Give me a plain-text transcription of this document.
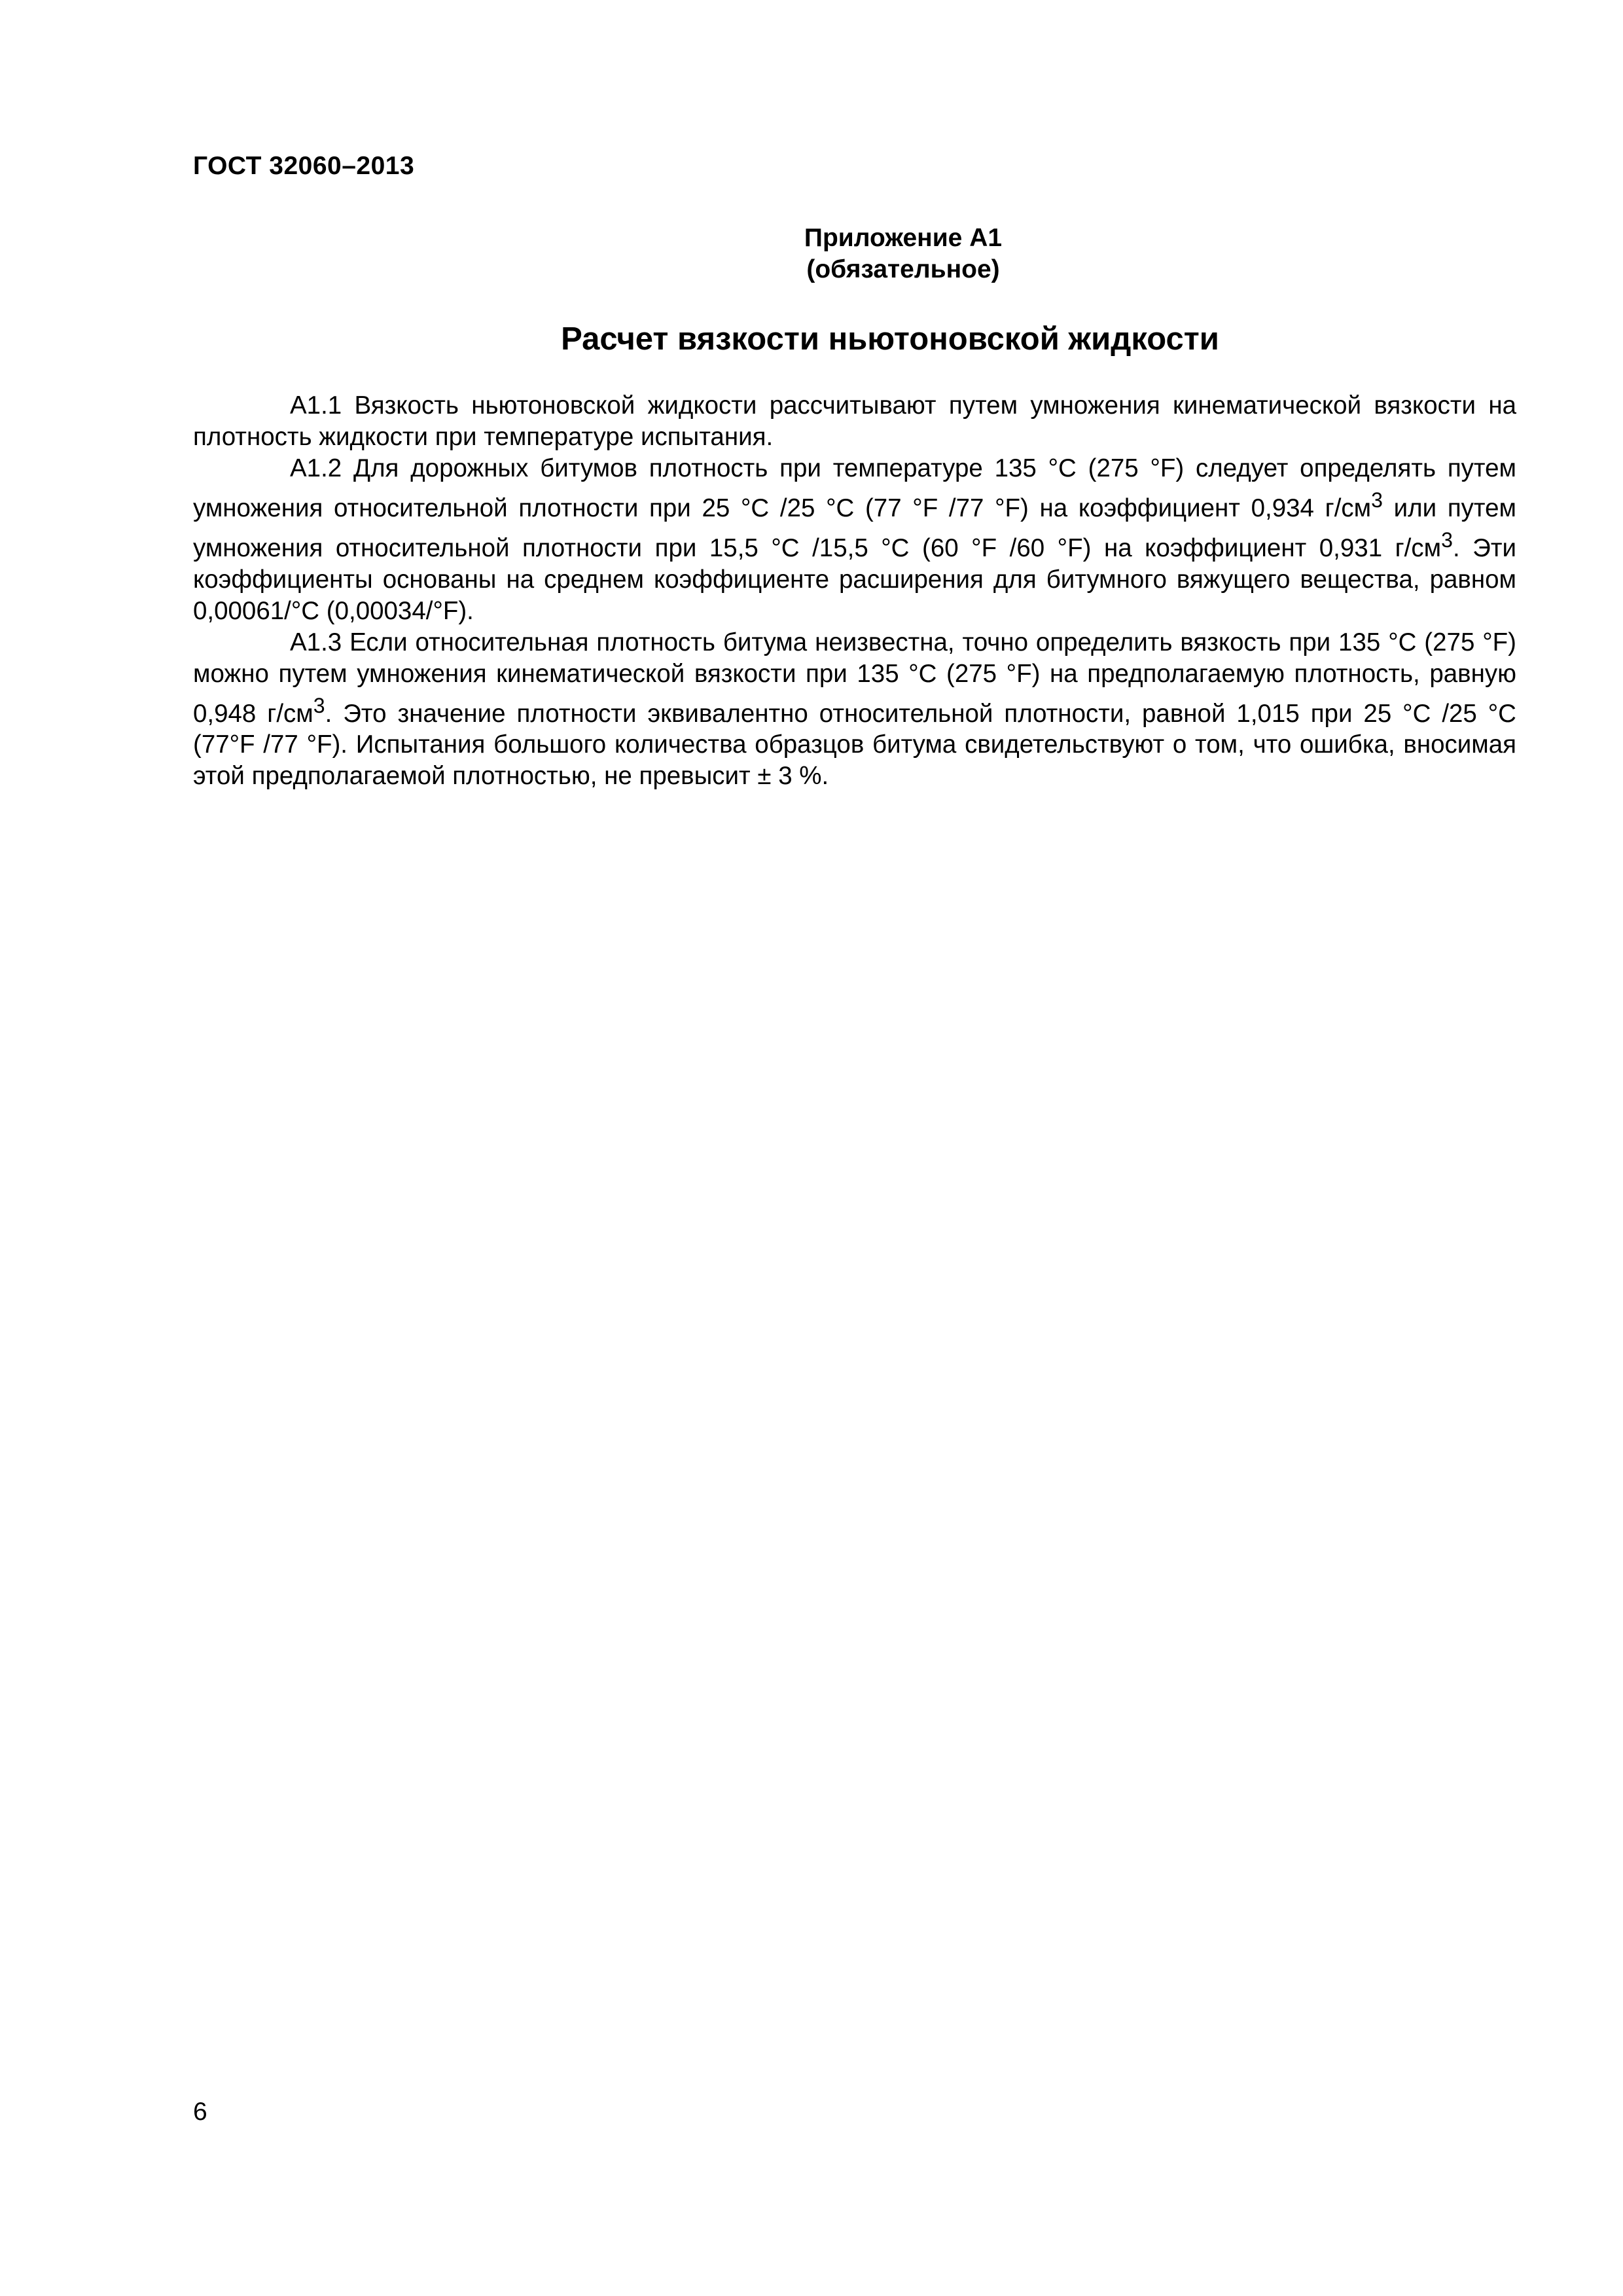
ГОСТ 32060–2013
Приложение А1
(обязательное)
Расчет вязкости ньютоновской жидкости

А1.1 Вязкость ньютоновской жидкости рассчитывают путем умножения кинематической вязкости на плотность жидкости при температуре испытания.

А1.2 Для дорожных битумов плотность при температуре 135 °С (275 °F) следует определять путем умножения относительной плотности при 25 °С /25 °С (77 °F /77 °F) на коэффициент 0,934 $г/см^3$ или путем умножения относительной плотности при 15,5 °С /15,5 °С (60 °F /60 °F) на коэффициент 0,931 $г/см^3$. Эти коэффициенты основаны на среднем коэффициенте расширения для битумного вяжущего вещества, равном 0,00061/°С (0,00034/°F).

А1.3 Если относительная плотность битума неизвестна, точно определить вязкость при 135 °С (275 °F) можно путем умножения кинематической вязкости при 135 °С (275 °F) на предполагаемую плотность, равную 0,948 $г/см^3$. Это значение плотности эквивалентно относительной плотности, равной 1,015 при 25 °С /25 °С (77°F /77 °F). Испытания большого количества образцов битума свидетельствуют о том, что ошибка, вносимая этой предполагаемой плотностью, не превысит ± 3 %.

6
